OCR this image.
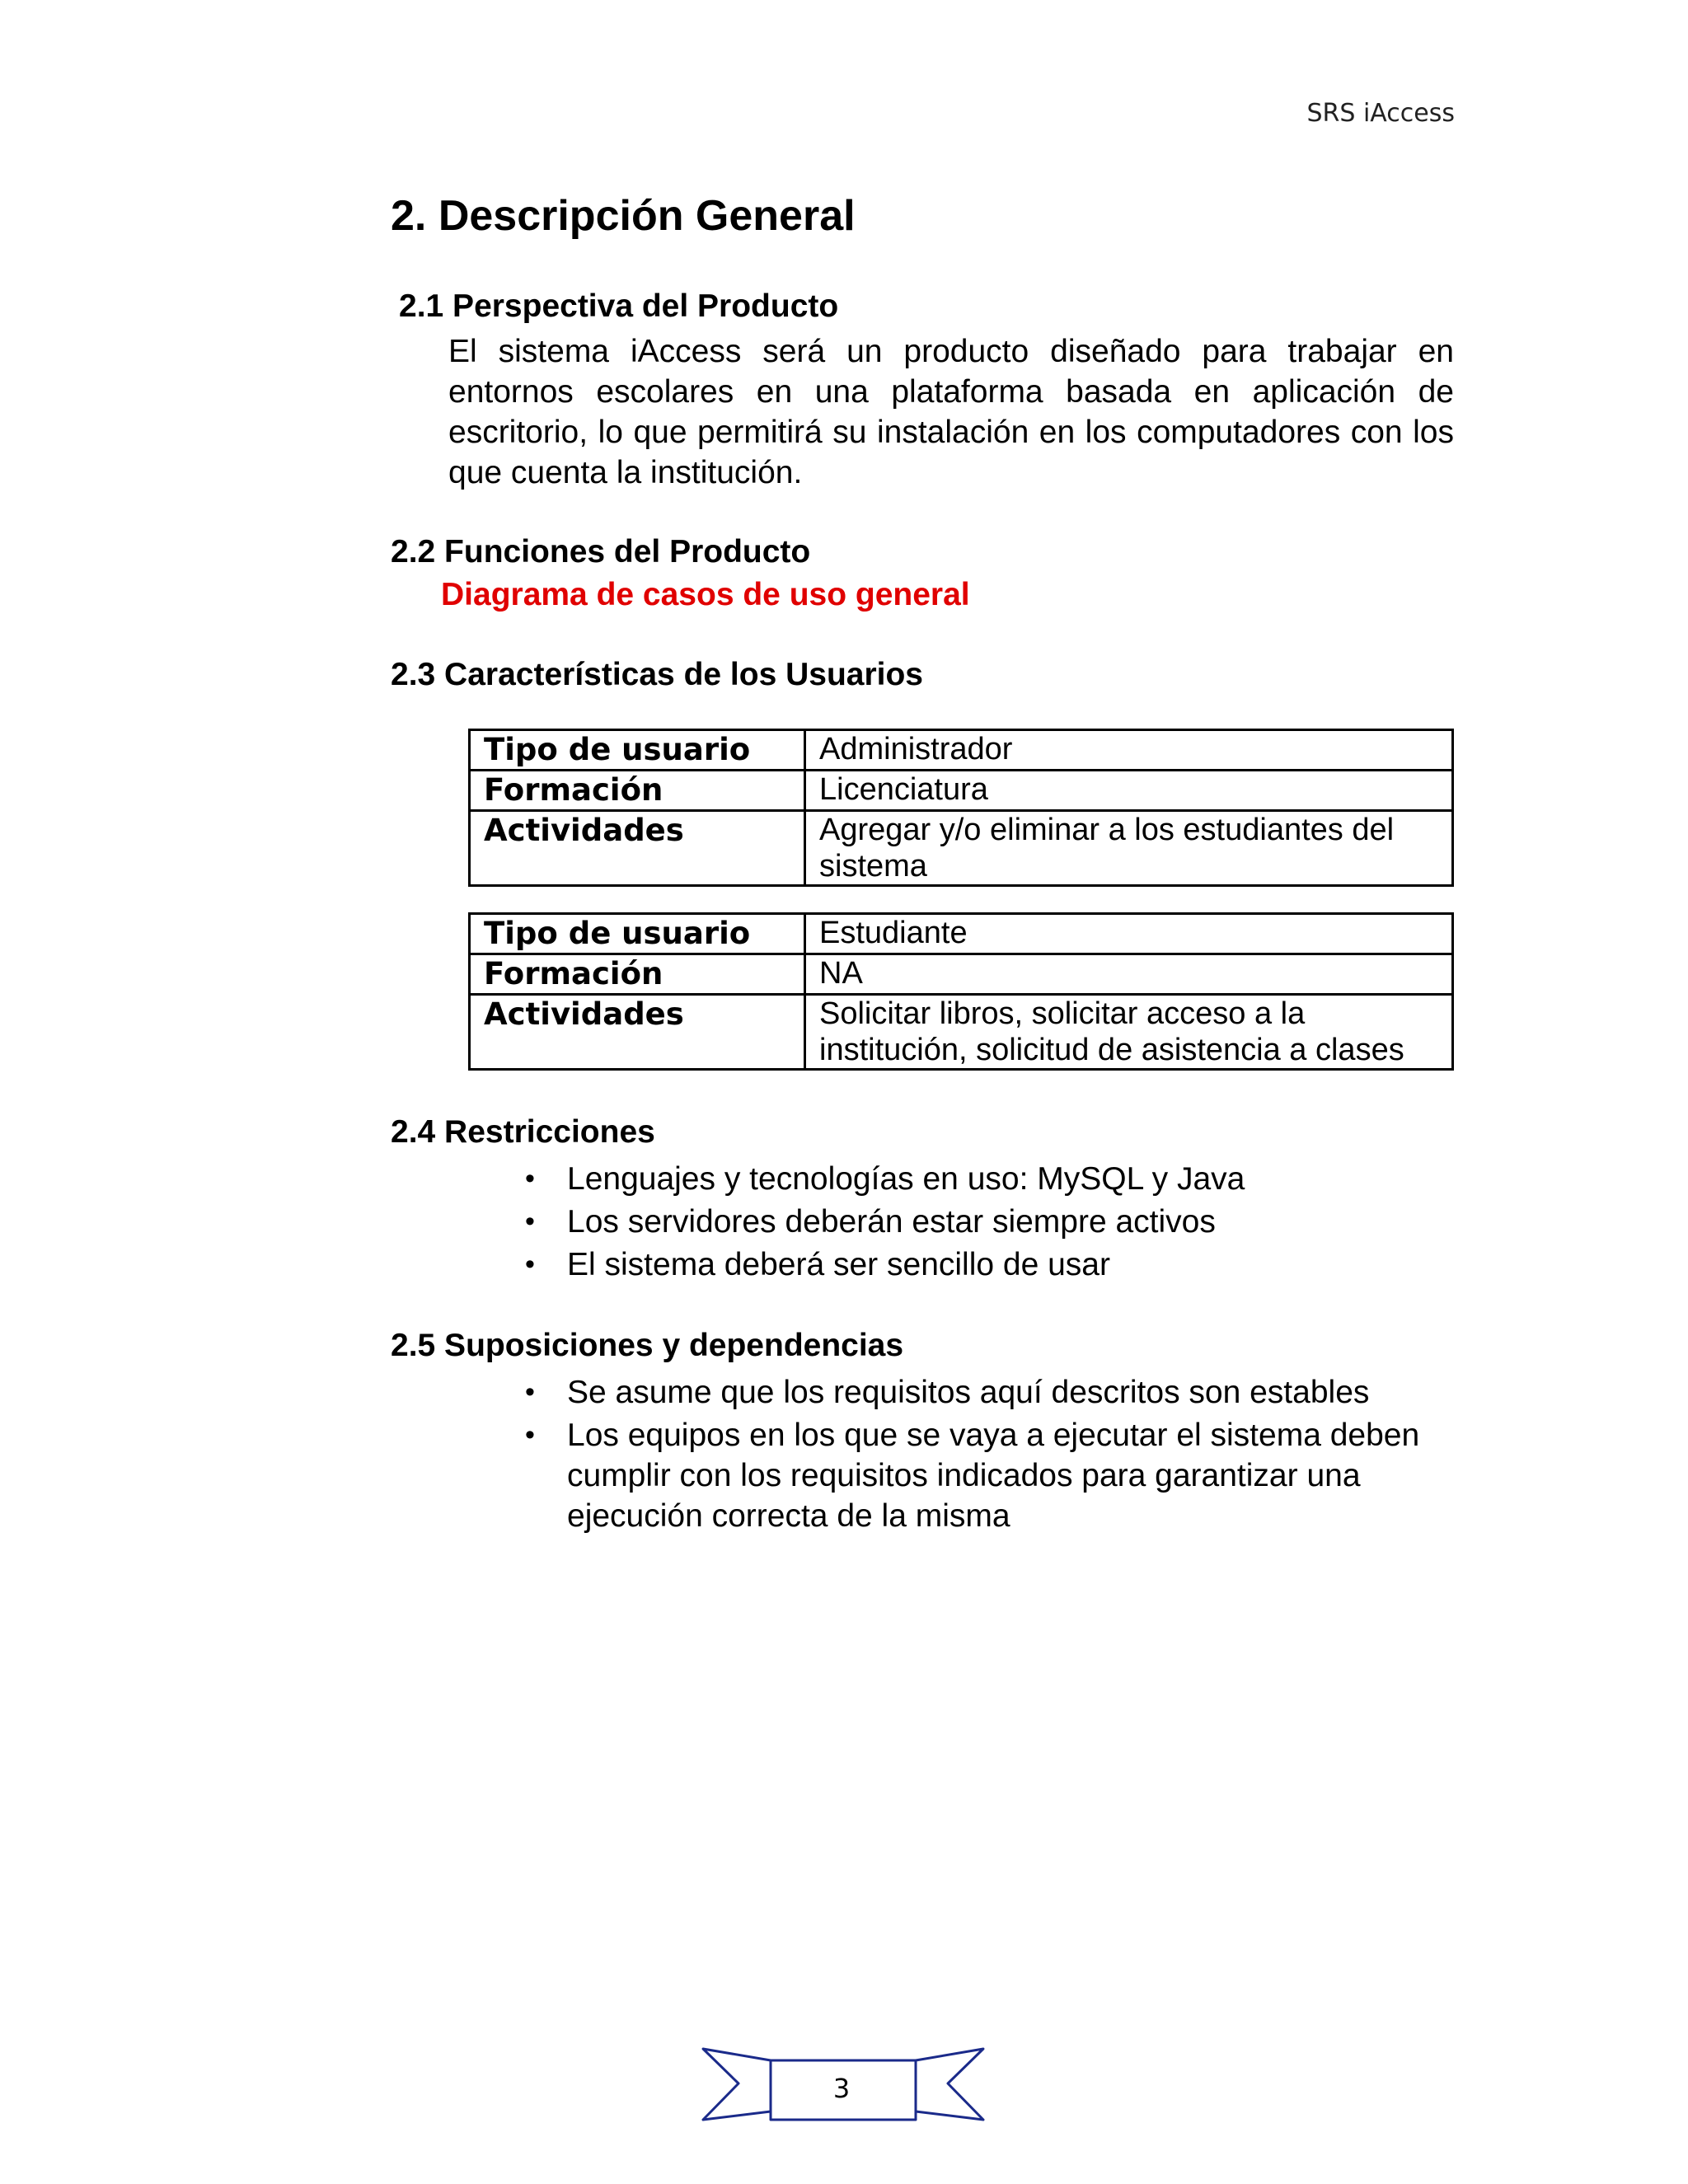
SRS iAccess
2. Descripción General
2.1 Perspectiva del Producto
El sistema iAccess será un producto diseñado para trabajar en
entornos escolares en una plataforma basada en aplicación de
escritorio, lo que permitirá su instalación en los computadores con los
que cuenta la institución.
2.2 Funciones del Producto
Diagrama de casos de uso general
2.3 Características de los Usuarios
Tipo de usuario	Administrador
Formación	Licenciatura
Actividades	Agregar y/o eliminar a los estudiantes del
sistema
Tipo de usuario	Estudiante
Formación	NA
Actividades	Solicitar libros, solicitar acceso a la
institución, solicitud de asistencia a clases
2.4 Restricciones
• Lenguajes y tecnologías en uso: MySQL y Java
• Los servidores deberán estar siempre activos
• El sistema deberá ser sencillo de usar
2.5 Suposiciones y dependencias
• Se asume que los requisitos aquí descritos son estables
• Los equipos en los que se vaya a ejecutar el sistema deben
cumplir con los requisitos indicados para garantizar una
ejecución correcta de la misma
3
